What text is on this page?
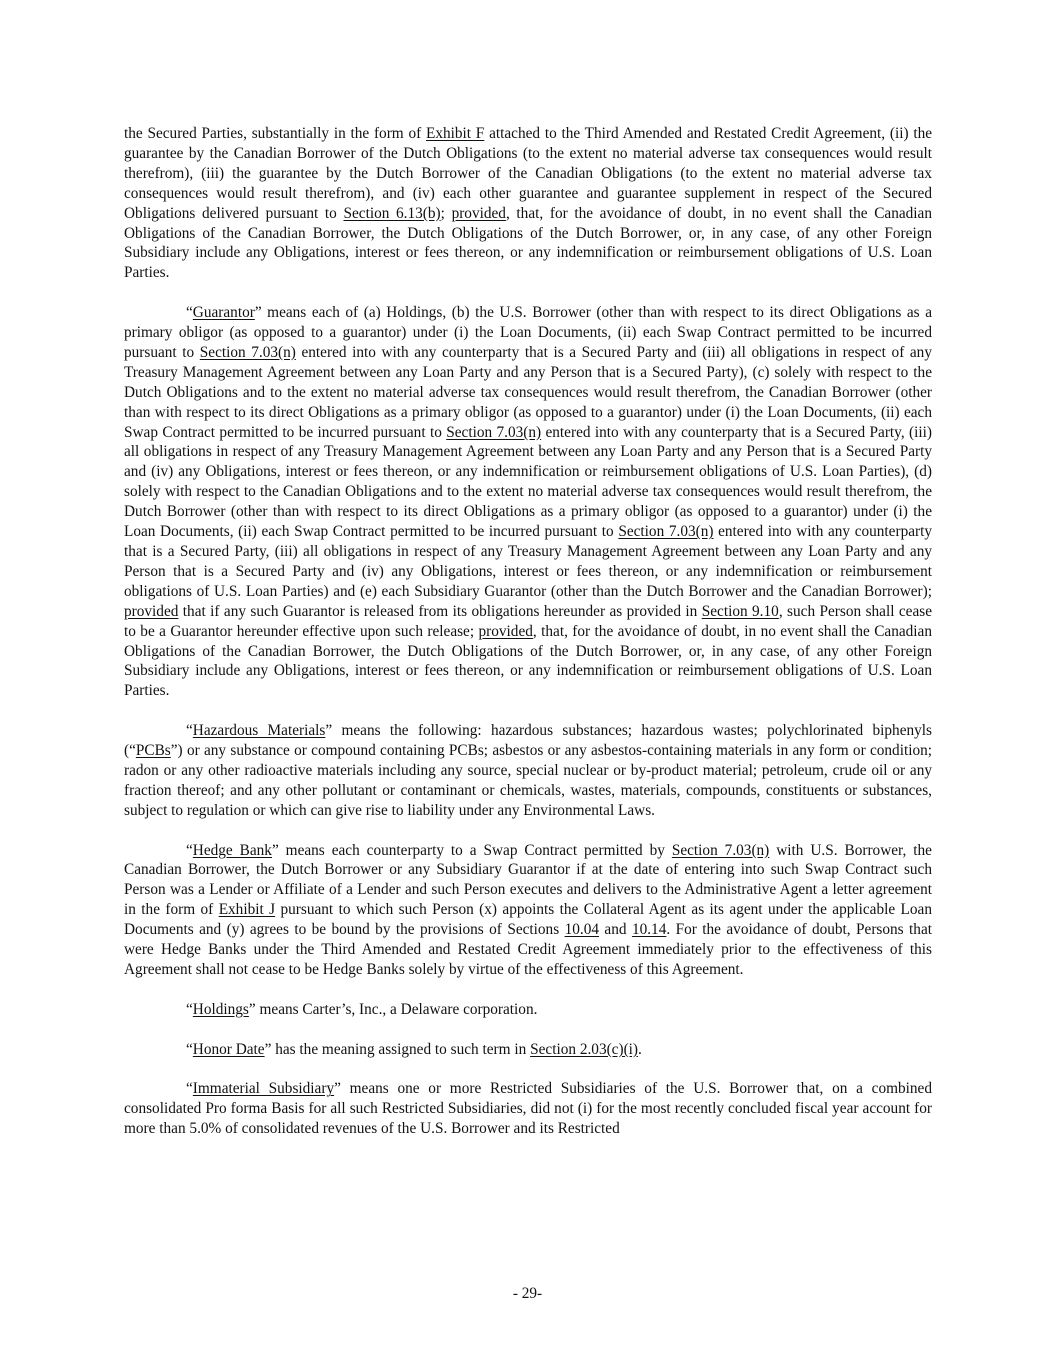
the Secured Parties, substantially in the form of Exhibit F attached to the Third Amended and Restated Credit Agreement, (ii) the guarantee by the Canadian Borrower of the Dutch Obligations (to the extent no material adverse tax consequences would result therefrom), (iii) the guarantee by the Dutch Borrower of the Canadian Obligations (to the extent no material adverse tax consequences would result therefrom), and (iv) each other guarantee and guarantee supplement in respect of the Secured Obligations delivered pursuant to Section 6.13(b); provided, that, for the avoidance of doubt, in no event shall the Canadian Obligations of the Canadian Borrower, the Dutch Obligations of the Dutch Borrower, or, in any case, of any other Foreign Subsidiary include any Obligations, interest or fees thereon, or any indemnification or reimbursement obligations of U.S. Loan Parties.

“Guarantor” means each of (a) Holdings, (b) the U.S. Borrower (other than with respect to its direct Obligations as a primary obligor (as opposed to a guarantor) under (i) the Loan Documents, (ii) each Swap Contract permitted to be incurred pursuant to Section 7.03(n) entered into with any counterparty that is a Secured Party and (iii) all obligations in respect of any Treasury Management Agreement between any Loan Party and any Person that is a Secured Party), (c) solely with respect to the Dutch Obligations and to the extent no material adverse tax consequences would result therefrom, the Canadian Borrower (other than with respect to its direct Obligations as a primary obligor (as opposed to a guarantor) under (i) the Loan Documents, (ii) each Swap Contract permitted to be incurred pursuant to Section 7.03(n) entered into with any counterparty that is a Secured Party, (iii) all obligations in respect of any Treasury Management Agreement between any Loan Party and any Person that is a Secured Party and (iv) any Obligations, interest or fees thereon, or any indemnification or reimbursement obligations of U.S. Loan Parties), (d) solely with respect to the Canadian Obligations and to the extent no material adverse tax consequences would result therefrom, the Dutch Borrower (other than with respect to its direct Obligations as a primary obligor (as opposed to a guarantor) under (i) the Loan Documents, (ii) each Swap Contract permitted to be incurred pursuant to Section 7.03(n) entered into with any counterparty that is a Secured Party, (iii) all obligations in respect of any Treasury Management Agreement between any Loan Party and any Person that is a Secured Party and (iv) any Obligations, interest or fees thereon, or any indemnification or reimbursement obligations of U.S. Loan Parties) and (e) each Subsidiary Guarantor (other than the Dutch Borrower and the Canadian Borrower); provided that if any such Guarantor is released from its obligations hereunder as provided in Section 9.10, such Person shall cease to be a Guarantor hereunder effective upon such release; provided, that, for the avoidance of doubt, in no event shall the Canadian Obligations of the Canadian Borrower, the Dutch Obligations of the Dutch Borrower, or, in any case, of any other Foreign Subsidiary include any Obligations, interest or fees thereon, or any indemnification or reimbursement obligations of U.S. Loan Parties.

“Hazardous Materials” means the following: hazardous substances; hazardous wastes; polychlorinated biphenyls (“PCBs”) or any substance or compound containing PCBs; asbestos or any asbestos-containing materials in any form or condition; radon or any other radioactive materials including any source, special nuclear or by-product material; petroleum, crude oil or any fraction thereof; and any other pollutant or contaminant or chemicals, wastes, materials, compounds, constituents or substances, subject to regulation or which can give rise to liability under any Environmental Laws.

“Hedge Bank” means each counterparty to a Swap Contract permitted by Section 7.03(n) with U.S. Borrower, the Canadian Borrower, the Dutch Borrower or any Subsidiary Guarantor if at the date of entering into such Swap Contract such Person was a Lender or Affiliate of a Lender and such Person executes and delivers to the Administrative Agent a letter agreement in the form of Exhibit J pursuant to which such Person (x) appoints the Collateral Agent as its agent under the applicable Loan Documents and (y) agrees to be bound by the provisions of Sections 10.04 and 10.14. For the avoidance of doubt, Persons that were Hedge Banks under the Third Amended and Restated Credit Agreement immediately prior to the effectiveness of this Agreement shall not cease to be Hedge Banks solely by virtue of the effectiveness of this Agreement.

“Holdings” means Carter’s, Inc., a Delaware corporation.

“Honor Date” has the meaning assigned to such term in Section 2.03(c)(i).

“Immaterial Subsidiary” means one or more Restricted Subsidiaries of the U.S. Borrower that, on a combined consolidated Pro forma Basis for all such Restricted Subsidiaries, did not (i) for the most recently concluded fiscal year account for more than 5.0% of consolidated revenues of the U.S. Borrower and its Restricted

- 29-
